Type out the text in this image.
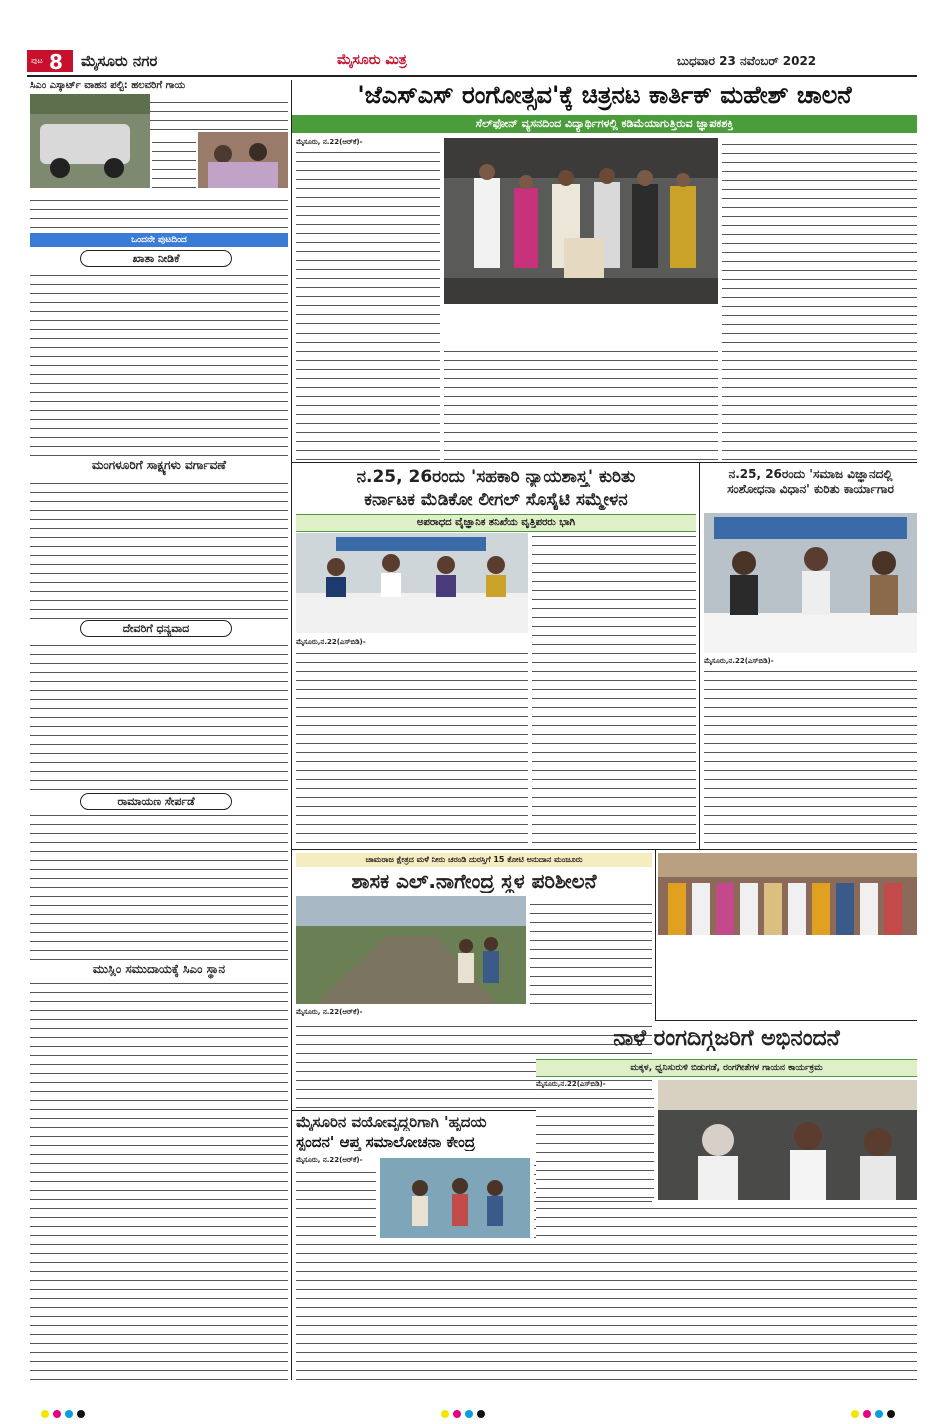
ಪುಟ 8 ಮೈಸೂರು ನಗರ	ಮೈಸೂರು ಮಿತ್ರ	ಬುಧವಾರ 23 ನವೆಂಬರ್ 2022
ಸಿಎಂ ಎಸ್ಕಾರ್ಟ್ ವಾಹನ ಪಲ್ಟಿ: ಹಲವರಿಗೆ ಗಾಯ
ಒಂದನೇ ಪುಟದಿಂದ
ಖಾತಾ ನೀಡಿಕೆ
ಮಂಗಳೂರಿಗೆ ಸಾಕ್ಷ್ಯಗಳು ವರ್ಗಾವಣೆ
ದೇವರಿಗೆ ಧನ್ಯವಾದ
ರಾಮಾಯಣ ಸೇರ್ಪಡೆ
ಮುಸ್ಲಿಂ ಸಮುದಾಯಕ್ಕೆ ಸಿಎಂ ಸ್ಥಾನ
'ಜೆಎಸ್ಎಸ್ ರಂಗೋತ್ಸವ'ಕ್ಕೆ ಚಿತ್ರನಟ ಕಾರ್ತಿಕ್ ಮಹೇಶ್ ಚಾಲನೆ
ಸೆಲ್‌ಫೋನ್ ವ್ಯಸನದಿಂದ ವಿದ್ಯಾರ್ಥಿಗಳಲ್ಲಿ ಕಡಿಮೆಯಾಗುತ್ತಿರುವ ಜ್ಞಾಪಕಶಕ್ತಿ
ಮೈಸೂರು, ನ.22(ಆರ್‌ಕೆ)-
ನ.25, 26ರಂದು 'ಸಹಕಾರಿ ನ್ಯಾಯಶಾಸ್ತ್ರ' ಕುರಿತು
ಕರ್ನಾಟಕ ಮೆಡಿಕೋ ಲೀಗಲ್ ಸೊಸೈಟಿ ಸಮ್ಮೇಳನ
ಅಪರಾಧದ ವೈಜ್ಞಾನಿಕ ತನಿಖೆಯ ವೃತ್ತಿಪರರು ಭಾಗಿ
ಮೈಸೂರು,ನ.22(ಎಸ್‌ಬಿಡಿ)-
ನ.25, 26ರಂದು 'ಸಮಾಜ ವಿಜ್ಞಾನದಲ್ಲಿ ಸಂಶೋಧನಾ ವಿಧಾನ' ಕುರಿತು ಕಾರ್ಯಾಗಾರ
ಮೈಸೂರು,ನ.22(ಎಸ್‌ಬಿಡಿ)-
ಚಾಮರಾಜ ಕ್ಷೇತ್ರದ ಮಳೆ ನೀರು ಚರಂಡಿ ದುರಸ್ತಿಗೆ 15 ಕೋಟಿ ಅನುದಾನ ಮಂಜೂರು
ಶಾಸಕ ಎಲ್.ನಾಗೇಂದ್ರ ಸ್ಥಳ ಪರಿಶೀಲನೆ
ಮೈಸೂರು, ನ.22(ಆರ್‌ಕೆ)-
ಮೈಸೂರಿನ ವಯೋವೃದ್ಧರಿಗಾಗಿ 'ಹೃದಯ
ಸ್ಪಂದನ' ಆಪ್ತ ಸಮಾಲೋಚನಾ ಕೇಂದ್ರ
ಮೈಸೂರು, ನ.22(ಆರ್‌ಕೆ)-
ನಾಳೆ ರಂಗದಿಗ್ಗಜರಿಗೆ ಅಭಿನಂದನೆ
ಮಕ್ಕಳ, ಧ್ವನಿಸುರುಳಿ ಬಿಡುಗಡೆ, ರಂಗಗೀತೆಗಳ ಗಾಯನ ಕಾರ್ಯಕ್ರಮ
ಮೈಸೂರು,ನ.22(ಎಸ್‌ಬಿಡಿ)-
